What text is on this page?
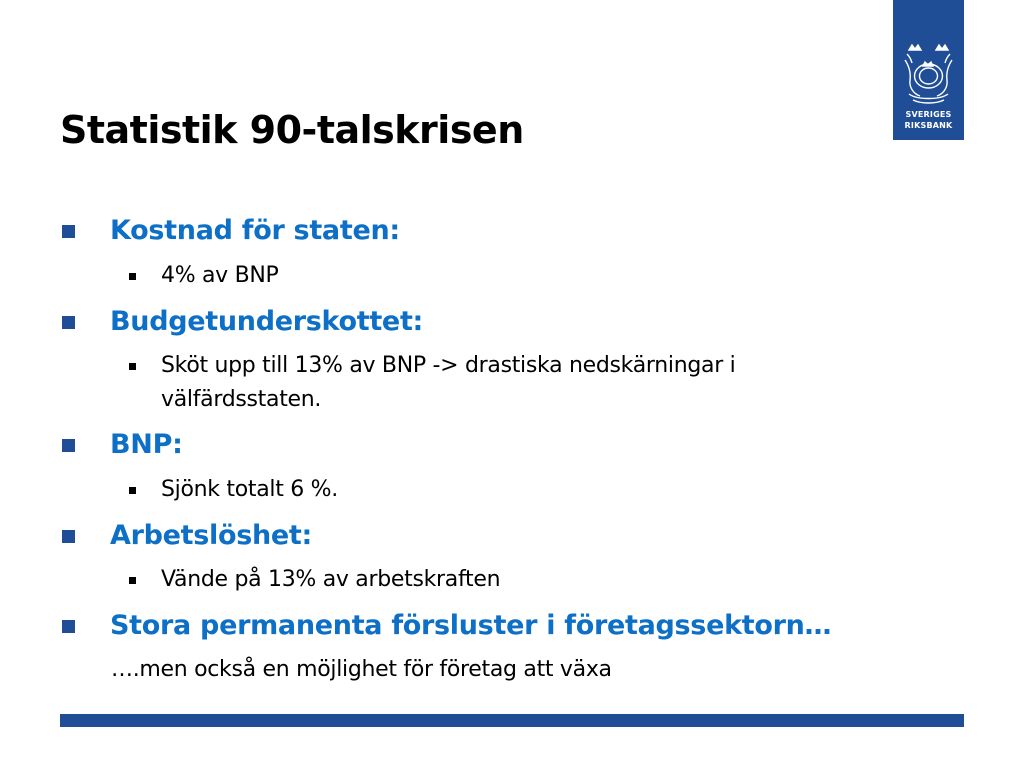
Statistik 90-talskrisen	SVERIGES
RIKSBANK
Kostnad för staten:
4% av BNP
Budgetunderskottet:
Sköt upp till 13% av BNP -> drastiska nedskärningar i välfärdsstaten.
BNP:
Sjönk totalt 6 %.
Arbetslöshet:
Vände på 13% av arbetskraften
Stora permanenta försluster i företagssektorn…
….men också en möjlighet för företag att växa
